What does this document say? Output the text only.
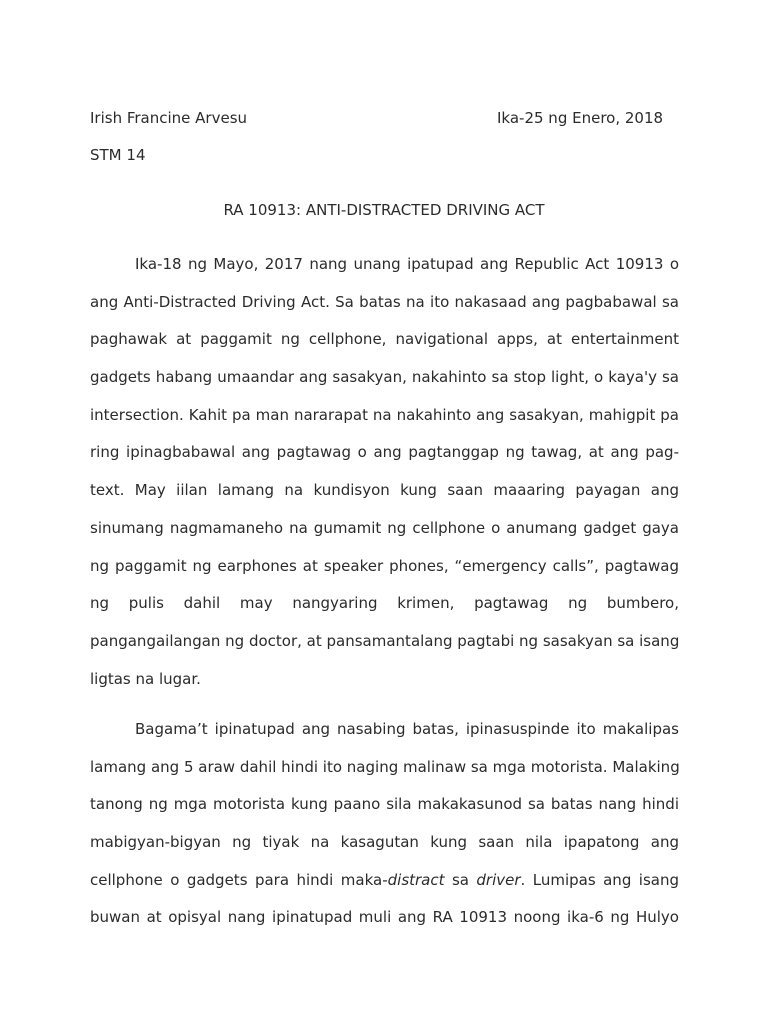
Irish Francine Arvesu	Ika-25 ng Enero, 2018
STM 14
RA 10913: ANTI-DISTRACTED DRIVING ACT
Ika-18 ng Mayo, 2017 nang unang ipatupad ang Republic Act 10913 o
ang Anti-Distracted Driving Act. Sa batas na ito nakasaad ang pagbabawal sa
paghawak at paggamit ng cellphone, navigational apps, at entertainment
gadgets habang umaandar ang sasakyan, nakahinto sa stop light, o kaya'y sa
intersection. Kahit pa man nararapat na nakahinto ang sasakyan, mahigpit pa
ring ipinagbabawal ang pagtawag o ang pagtanggap ng tawag, at ang pag-
text. May iilan lamang na kundisyon kung saan maaaring payagan ang
sinumang nagmamaneho na gumamit ng cellphone o anumang gadget gaya
ng paggamit ng earphones at speaker phones, “emergency calls”, pagtawag
ng pulis dahil may nangyaring krimen, pagtawag ng bumbero,
pangangailangan ng doctor, at pansamantalang pagtabi ng sasakyan sa isang
ligtas na lugar.
Bagama’t ipinatupad ang nasabing batas, ipinasuspinde ito makalipas
lamang ang 5 araw dahil hindi ito naging malinaw sa mga motorista. Malaking
tanong ng mga motorista kung paano sila makakasunod sa batas nang hindi
mabigyan-bigyan ng tiyak na kasagutan kung saan nila ipapatong ang
cellphone o gadgets para hindi maka-distract sa driver. Lumipas ang isang
buwan at opisyal nang ipinatupad muli ang RA 10913 noong ika-6 ng Hulyo
